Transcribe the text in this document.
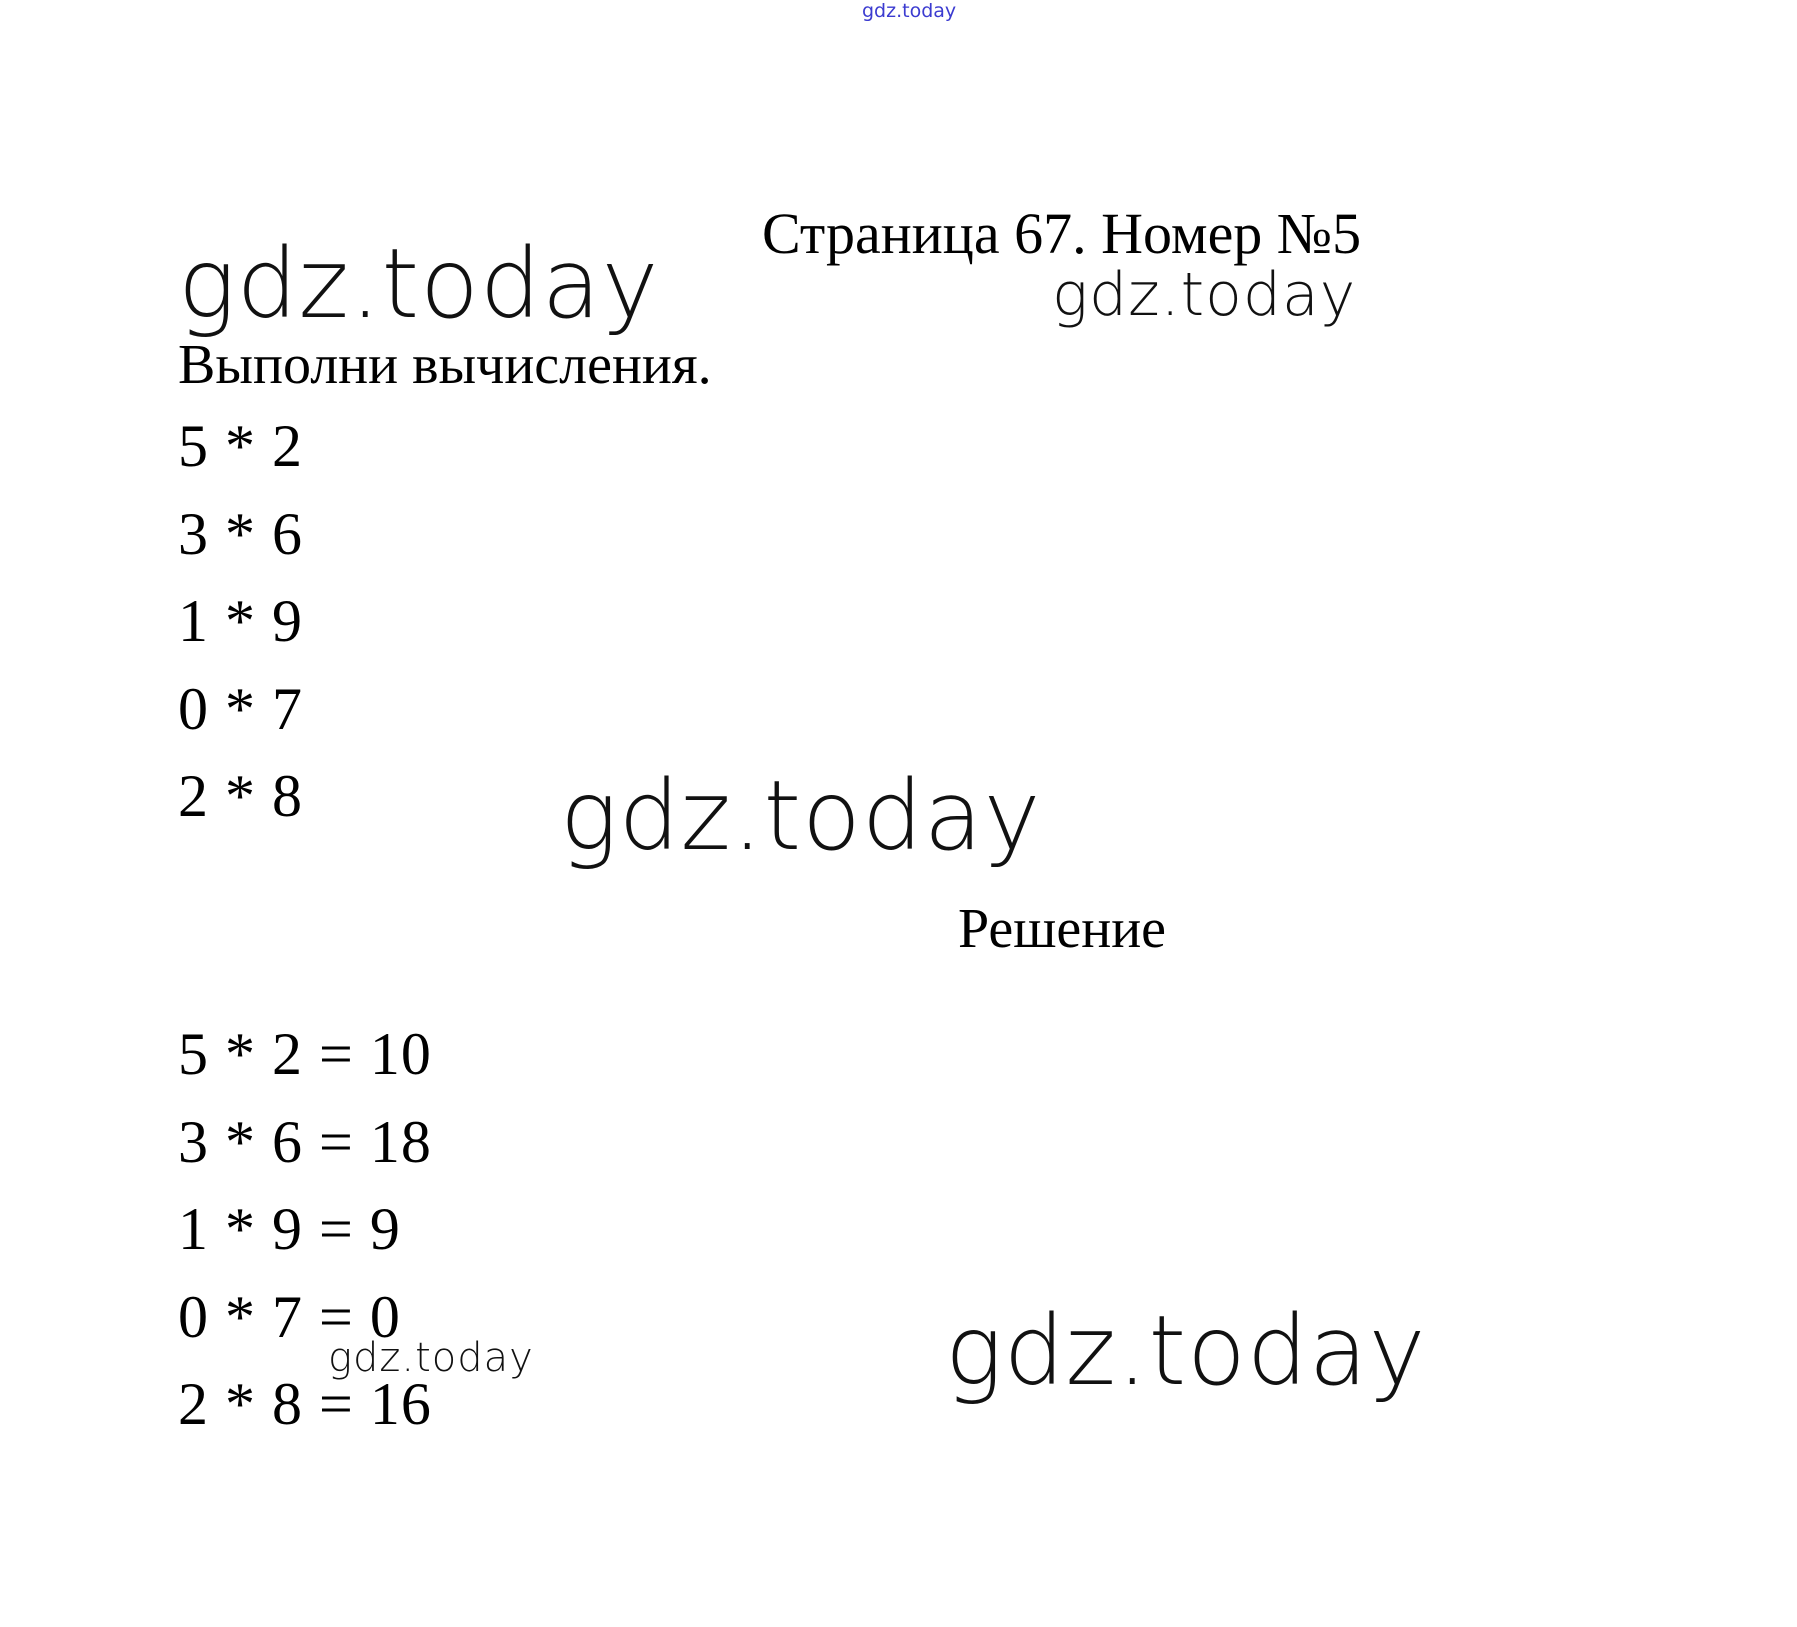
gdz.today
Страница 67. Номер №5
gdz.today	gdz.today
gdz.today
gdz.today	gdz.today
Выполни вычисления.
5 * 2
3 * 6
1 * 9
0 * 7
2 * 8
Решение
5 * 2 = 10
3 * 6 = 18
1 * 9 = 9
0 * 7 = 0
2 * 8 = 16
